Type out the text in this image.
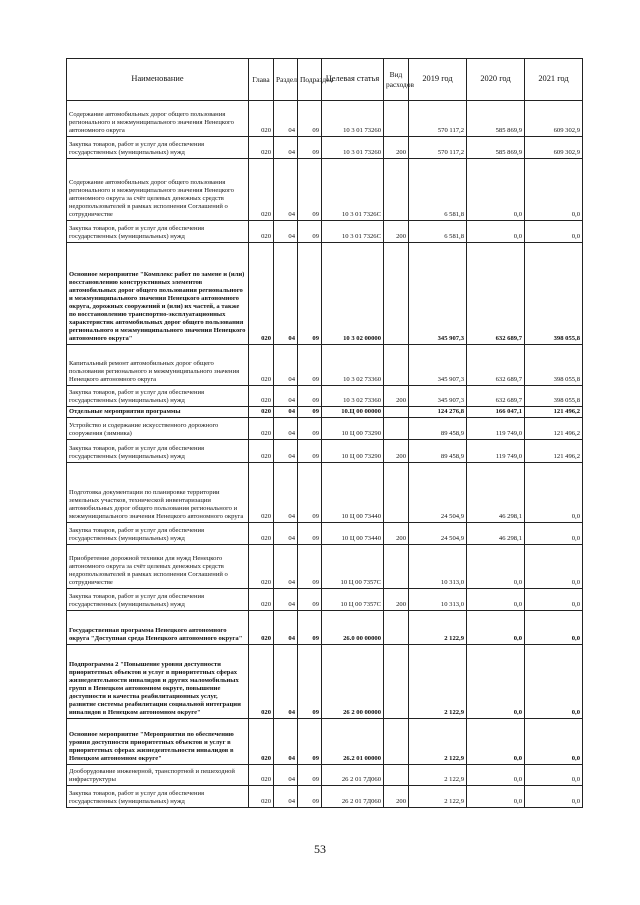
Наименование	Глава	Раздел	Подраздел	Целевая статья	Вид расходов	2019 год	2020 год	2021 год
Содержание автомобильных дорог общего пользования регионального и межмуниципального значения Ненецкого автономного округа	020	04	09	10 3 01 73260		570 117,2	585 869,9	609 302,9
Закупка товаров, работ и услуг для обеспечения государственных (муниципальных) нужд	020	04	09	10 3 01 73260	200	570 117,2	585 869,9	609 302,9
Содержание автомобильных дорог общего пользования регионального и межмуниципального значения Ненецкого автономного округа за счёт целевых денежных средств недропользователей в рамках исполнения Соглашений о сотрудничестве	020	04	09	10 3 01 7326С		6 581,8	0,0	0,0
Закупка товаров, работ и услуг для обеспечения государственных (муниципальных) нужд	020	04	09	10 3 01 7326С	200	6 581,8	0,0	0,0
Основное мероприятие "Комплекс работ по замене и (или) восстановлению конструктивных элементов автомобильных дорог общего пользования регионального и межмуниципального значения Ненецкого автономного округа, дорожных сооружений и (или) их частей, а также по восстановлению транспортно-эксплуатационных характеристик автомобильных дорог общего пользования регионального и межмуниципального значения Ненецкого автономного округа"	020	04	09	10 3 02 00000		345 907,3	632 689,7	398 055,8
Капитальный ремонт автомобильных дорог общего пользования регионального и межмуниципального значения Ненецкого автономного округа	020	04	09	10 3 02 73360		345 907,3	632 689,7	398 055,8
Закупка товаров, работ и услуг для обеспечения государственных (муниципальных) нужд	020	04	09	10 3 02 73360	200	345 907,3	632 689,7	398 055,8
Отдельные мероприятия программы	020	04	09	10.Ц 00 00000		124 276,8	166 047,1	121 496,2
Устройство и содержание искусственного дорожного сооружения (зимника)	020	04	09	10 Ц 00 73290		89 458,9	119 749,0	121 496,2
Закупка товаров, работ и услуг для обеспечения государственных (муниципальных) нужд	020	04	09	10 Ц 00 73290	200	89 458,9	119 749,0	121 496,2
Подготовка документации по планировке территории земельных участков, технической инвентаризации автомобильных дорог общего пользования регионального и межмуниципального значения Ненецкого автономного округа	020	04	09	10 Ц 00 73440		24 504,9	46 298,1	0,0
Закупка товаров, работ и услуг для обеспечения государственных (муниципальных) нужд	020	04	09	10 Ц 00 73440	200	24 504,9	46 298,1	0,0
Приобретение дорожной техники для нужд Ненецкого автономного округа за счёт целевых денежных средств недропользователей в рамках исполнения Соглашений о сотрудничестве	020	04	09	10 Ц 00 7357С		10 313,0	0,0	0,0
Закупка товаров, работ и услуг для обеспечения государственных (муниципальных) нужд	020	04	09	10 Ц 00 7357С	200	10 313,0	0,0	0,0
Государственная программа Ненецкого автономного округа "Доступная среда Ненецкого автономного округа"	020	04	09	26.0 00 00000		2 122,9	0,0	0,0
Подпрограмма 2 "Повышение уровня доступности приоритетных объектов и услуг в приоритетных сферах жизнедеятельности инвалидов и других маломобильных групп в Ненецком автономном округе, повышение доступности и качества реабилитационных услуг, развитие системы реабилитации социальной интеграции инвалидов в Ненецком автономном округе"	020	04	09	26 2 00 00000		2 122,9	0,0	0,0
Основное мероприятие "Мероприятия по обеспечению уровня доступности приоритетных объектов и услуг в приоритетных сферах жизнедеятельности инвалидов в Ненецком автономном округе"	020	04	09	26.2 01 00000		2 122,9	0,0	0,0
Дооборудование инженерной, транспортной и пешеходной инфраструктуры	020	04	09	26 2 01 7Д060		2 122,9	0,0	0,0
Закупка товаров, работ и услуг для обеспечения государственных (муниципальных) нужд	020	04	09	26 2 01 7Д060	200	2 122,9	0,0	0,0
53
